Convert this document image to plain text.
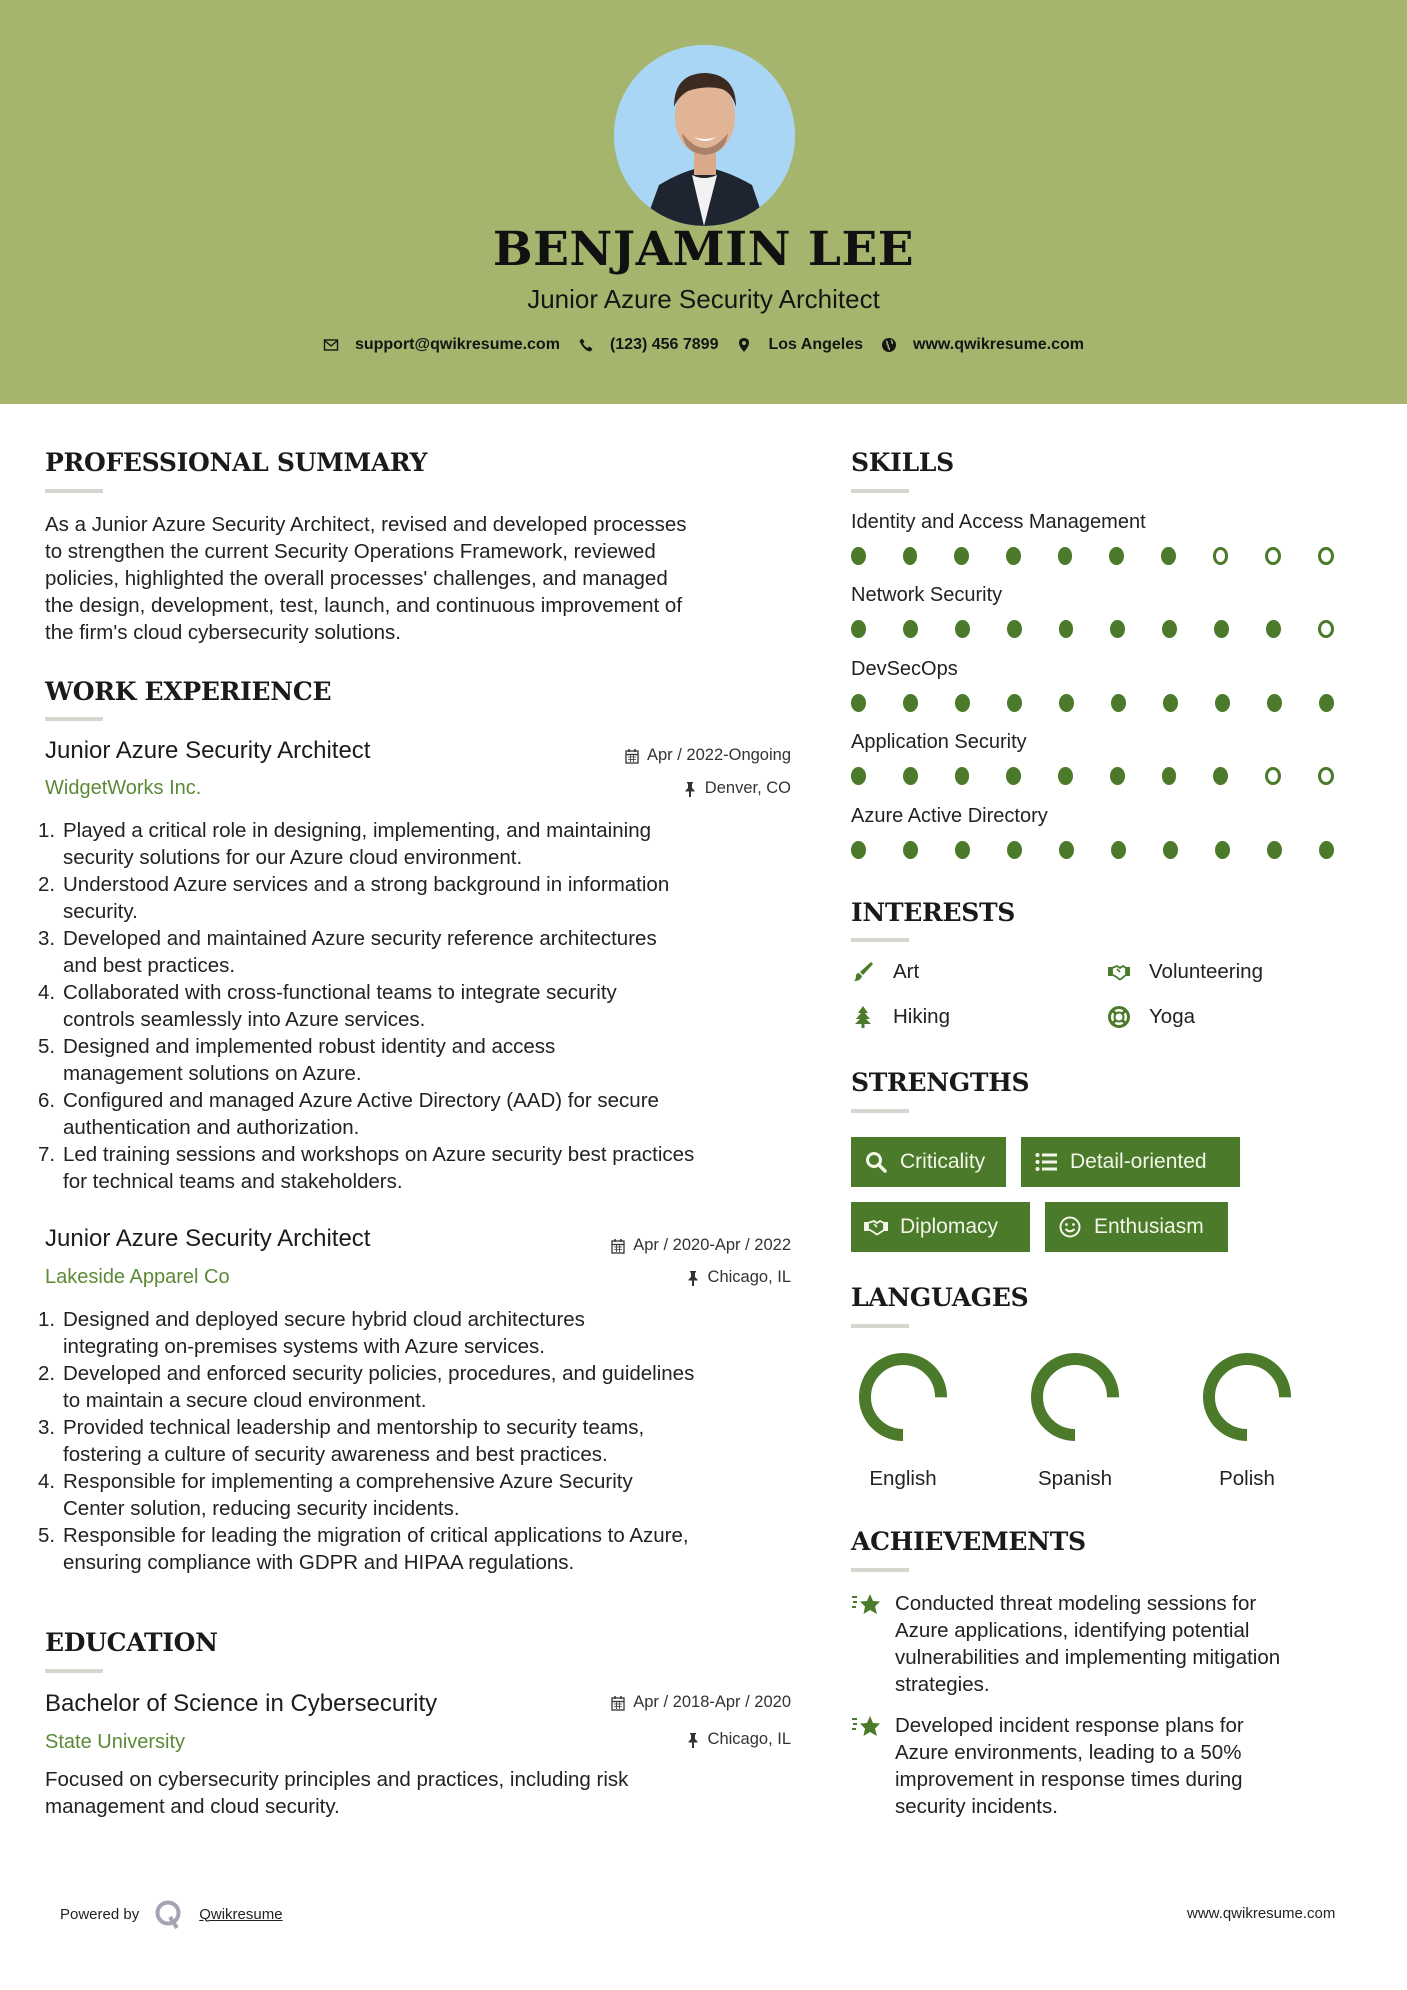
BENJAMIN LEE
Junior Azure Security Architect
support@qwikresume.com	(123) 456 7899	Los Angeles	www.qwikresume.com
PROFESSIONAL SUMMARY
As a Junior Azure Security Architect, revised and developed processes
to strengthen the current Security Operations Framework, reviewed
policies, highlighted the overall processes' challenges, and managed
the design, development, test, launch, and continuous improvement of
the firm's cloud cybersecurity solutions.
WORK EXPERIENCE
Junior Azure Security Architect	Apr / 2022-Ongoing
WidgetWorks Inc.	Denver, CO
1. Played a critical role in designing, implementing, and maintaining
security solutions for our Azure cloud environment.
2. Understood Azure services and a strong background in information
security.
3. Developed and maintained Azure security reference architectures
and best practices.
4. Collaborated with cross-functional teams to integrate security
controls seamlessly into Azure services.
5. Designed and implemented robust identity and access
management solutions on Azure.
6. Configured and managed Azure Active Directory (AAD) for secure
authentication and authorization.
7. Led training sessions and workshops on Azure security best practices
for technical teams and stakeholders.
Junior Azure Security Architect	Apr / 2020-Apr / 2022
Lakeside Apparel Co	Chicago, IL
1. Designed and deployed secure hybrid cloud architectures
integrating on-premises systems with Azure services.
2. Developed and enforced security policies, procedures, and guidelines
to maintain a secure cloud environment.
3. Provided technical leadership and mentorship to security teams,
fostering a culture of security awareness and best practices.
4. Responsible for implementing a comprehensive Azure Security
Center solution, reducing security incidents.
5. Responsible for leading the migration of critical applications to Azure,
ensuring compliance with GDPR and HIPAA regulations.
EDUCATION
Bachelor of Science in Cybersecurity	Apr / 2018-Apr / 2020
State University	Chicago, IL
Focused on cybersecurity principles and practices, including risk
management and cloud security.
SKILLS
Identity and Access Management
Network Security
DevSecOps
Application Security
Azure Active Directory
INTERESTS
Art	Volunteering
Hiking	Yoga
STRENGTHS
Criticality	Detail-oriented
Diplomacy	Enthusiasm
LANGUAGES
English	Spanish	Polish
ACHIEVEMENTS
Conducted threat modeling sessions for
Azure applications, identifying potential
vulnerabilities and implementing mitigation
strategies.
Developed incident response plans for
Azure environments, leading to a 50%
improvement in response times during
security incidents.
Powered by	Qwikresume	www.qwikresume.com
